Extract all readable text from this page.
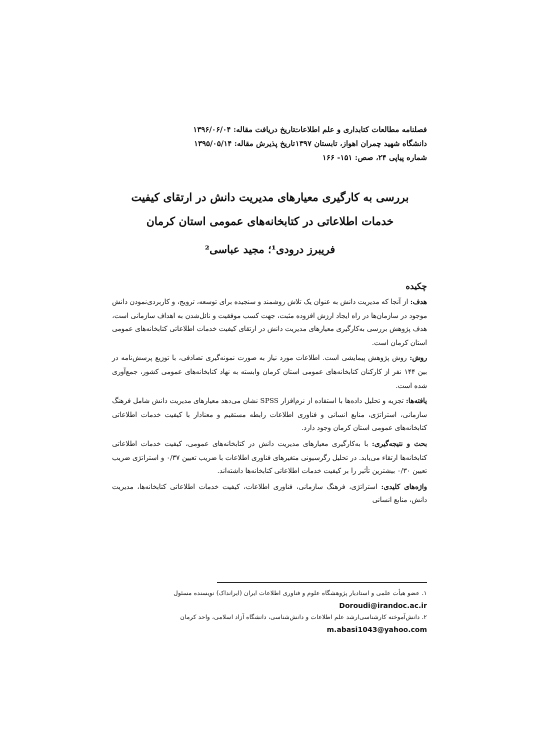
فصلنامه مطالعات کتابداری و علم اطلاعات
دانشگاه شهید چمران اهواز، تابستان ۱۳۹۷
شماره پیاپی ۲۴، صص: ۱۵۱- ۱۶۶
تاریخ دریافت مقاله: ۱۳۹۶/۰۶/۰۴
تاریخ پذیرش مقاله: ۱۳۹۵/۰۵/۱۴
بررسی به کارگیری معیارهای مدیریت دانش در ارتقای کیفیت
خدمات اطلاعاتی در کتابخانه‌های عمومی استان کرمان
فریبرز درودی¹؛ مجید عباسی²
چکیده

هدف: از آنجا که مدیریت دانش به عنوان یک تلاش روشمند و سنجیده برای توسعه، ترویج، و کاربردی‌نمودن دانش موجود در سازمان‌ها در راه ایجاد ارزش افزوده مثبت، جهت کسب موفقیت و نائل‌شدن به اهداف سازمانی است، هدف پژوهش بررسی به‌کارگیری معیارهای مدیریت دانش در ارتقای کیفیت خدمات اطلاعاتی کتابخانه‌های عمومی استان کرمان است.

روش: روش پژوهش پیمایشی است. اطلاعات مورد نیاز به صورت نمونه‌گیری تصادفی، با توزیع پرسش‌نامه در بین ۱۴۴ نفر از کارکنان کتابخانه‌های عمومی استان کرمان وابسته به نهاد کتابخانه‌های عمومی کشور، جمع‌آوری شده است.

یافته‌ها: تجزیه و تحلیل داده‌ها با استفاده از نرم‌افزار SPSS نشان می‌دهد معیارهای مدیریت دانش شامل فرهنگ سازمانی، استراتژی، منابع انسانی و فناوری اطلاعات رابطه مستقیم و معنادار با کیفیت خدمات اطلاعاتی کتابخانه‌های عمومی استان کرمان وجود دارد.

بحث و نتیجه‌گیری: با به‌کارگیری معیارهای مدیریت دانش در کتابخانه‌های عمومی، کیفیت خدمات اطلاعاتی کتابخانه‌ها ارتقاء می‌یابد. در تحلیل رگرسیونی متغیرهای فناوری اطلاعات با ضریب تعیین ۰/۳۷ و استراتژی ضریب تعیین ۰/۳۰ بیشترین تأثیر را بر کیفیت خدمات اطلاعاتی کتابخانه‌ها داشته‌اند.

واژه‌های کلیدی: استراتژی، فرهنگ سازمانی، فناوری اطلاعات، کیفیت خدمات اطلاعاتی کتابخانه‌ها، مدیریت دانش، منابع انسانی

۱. عضو هیأت علمی و استادیار پژوهشگاه علوم و فناوری اطلاعات ایران (ایرانداک) نویسنده مسئول
Doroudi@irandoc.ac.ir
۲. دانش‌آموخته کارشناسی‌ارشد علم اطلاعات و دانش‌شناسی، دانشگاه آزاد اسلامی، واحد کرمان
m.abasi1043@yahoo.com
